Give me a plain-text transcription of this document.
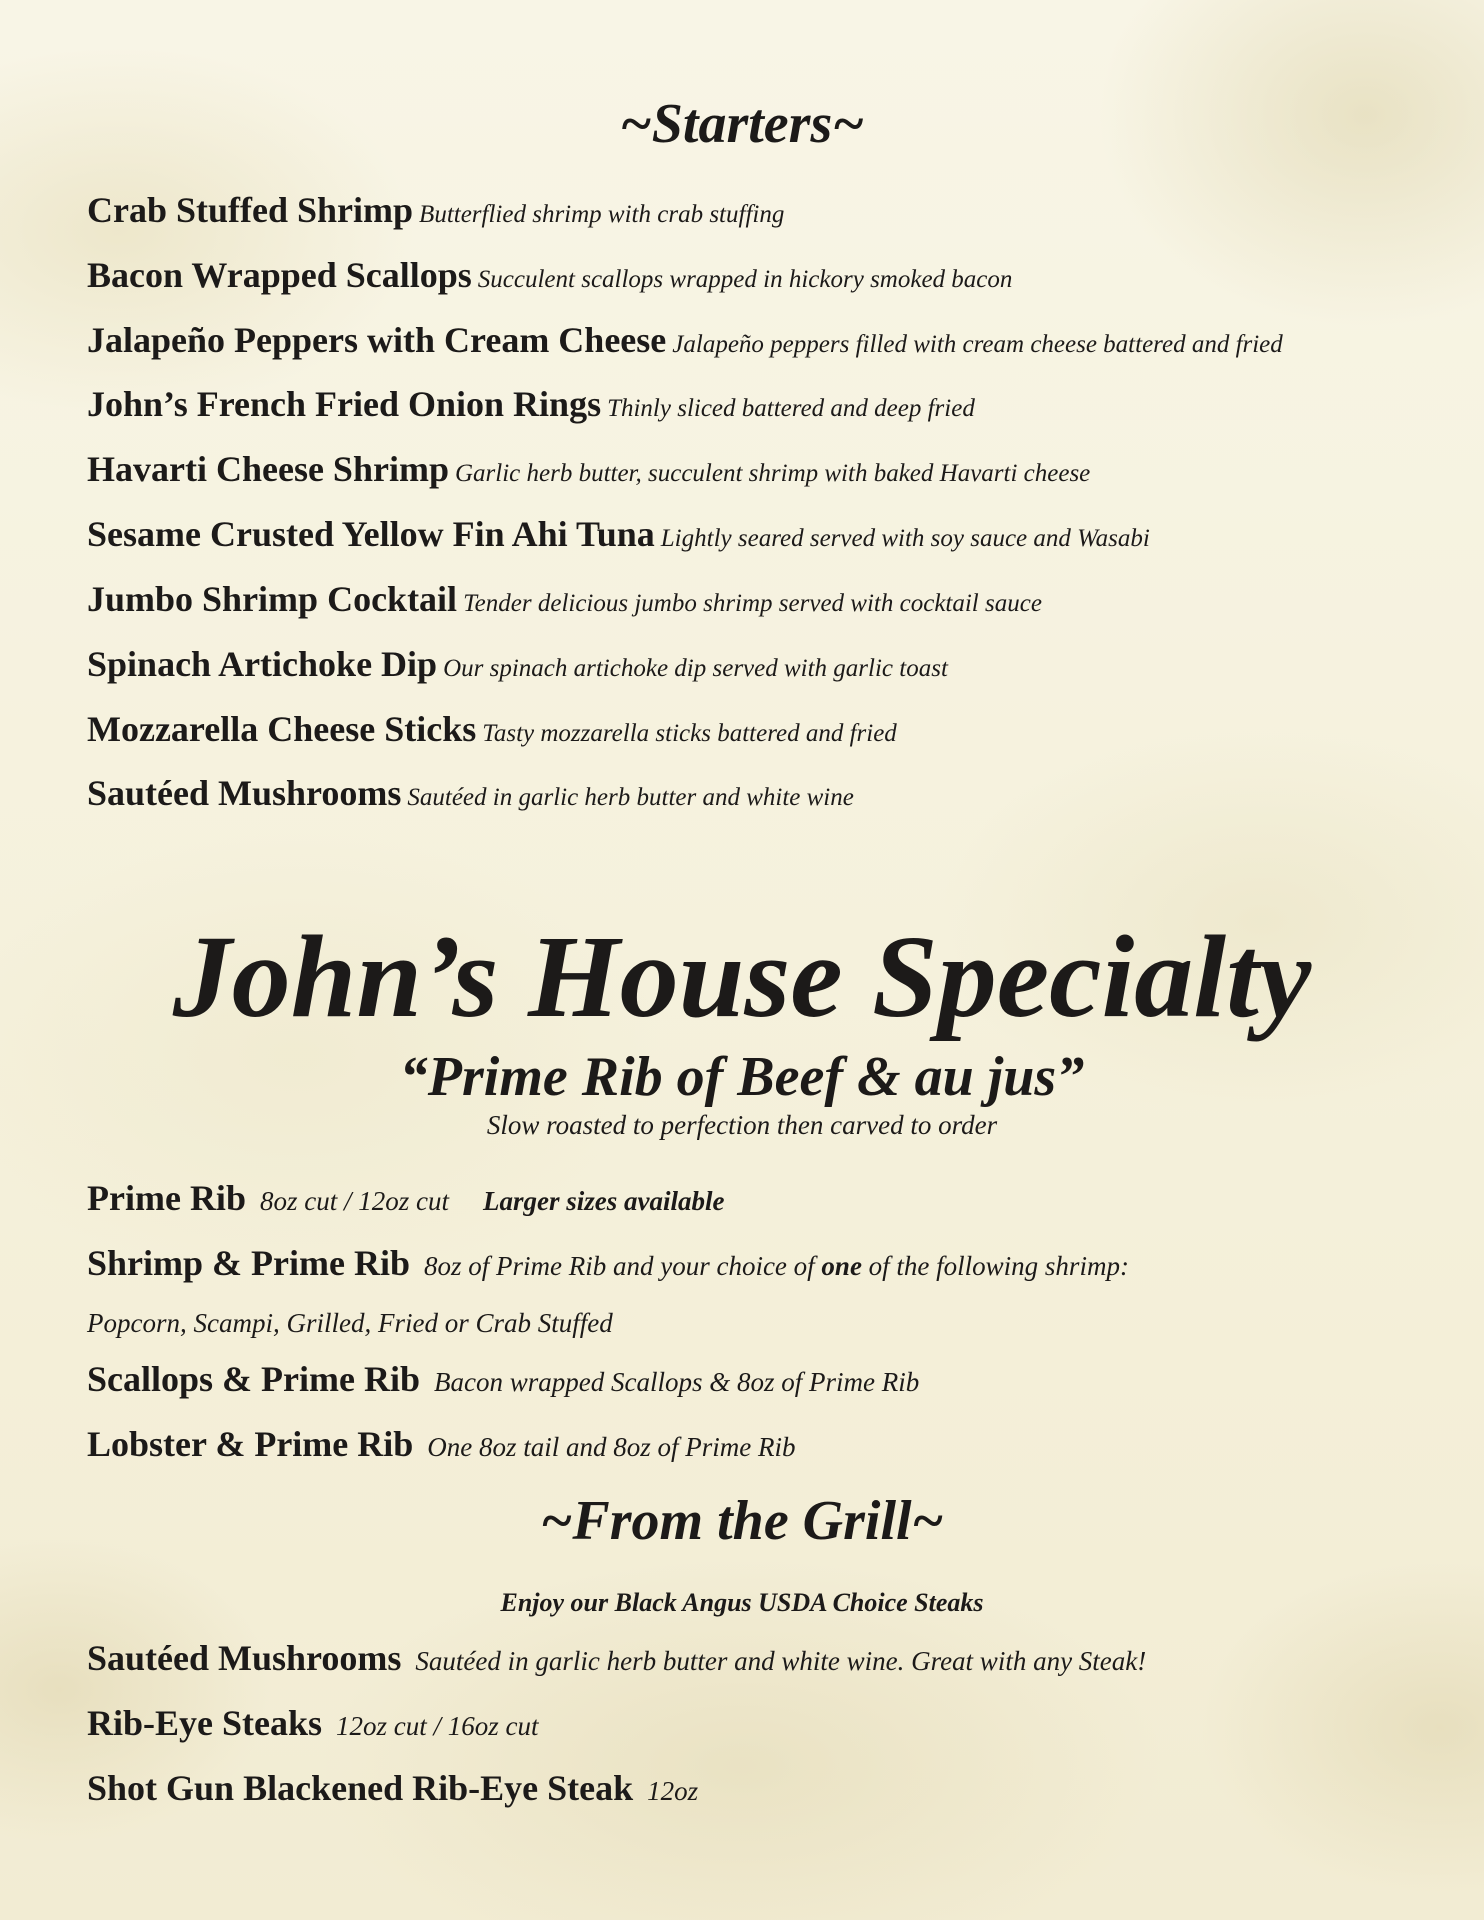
~Starters~
Crab Stuffed Shrimp Butterflied shrimp with crab stuffing
Bacon Wrapped Scallops Succulent scallops wrapped in hickory smoked bacon
Jalapeño Peppers with Cream Cheese Jalapeño peppers filled with cream cheese battered and fried
John’s French Fried Onion Rings Thinly sliced battered and deep fried
Havarti Cheese Shrimp Garlic herb butter, succulent shrimp with baked Havarti cheese
Sesame Crusted Yellow Fin Ahi Tuna Lightly seared served with soy sauce and Wasabi
Jumbo Shrimp Cocktail Tender delicious jumbo shrimp served with cocktail sauce
Spinach Artichoke Dip Our spinach artichoke dip served with garlic toast
Mozzarella Cheese Sticks Tasty mozzarella sticks battered and fried
Sautéed Mushrooms Sautéed in garlic herb butter and white wine
John’s House Specialty
“Prime Rib of Beef & au jus”
Slow roasted to perfection then carved to order
Prime Rib 8oz cut / 12oz cut Larger sizes available
Shrimp & Prime Rib 8oz of Prime Rib and your choice of one of the following shrimp:
Popcorn, Scampi, Grilled, Fried or Crab Stuffed
Scallops & Prime Rib Bacon wrapped Scallops & 8oz of Prime Rib
Lobster & Prime Rib One 8oz tail and 8oz of Prime Rib
~From the Grill~
Enjoy our Black Angus USDA Choice Steaks
Sautéed Mushrooms Sautéed in garlic herb butter and white wine. Great with any Steak!
Rib-Eye Steaks 12oz cut / 16oz cut
Shot Gun Blackened Rib-Eye Steak 12oz
